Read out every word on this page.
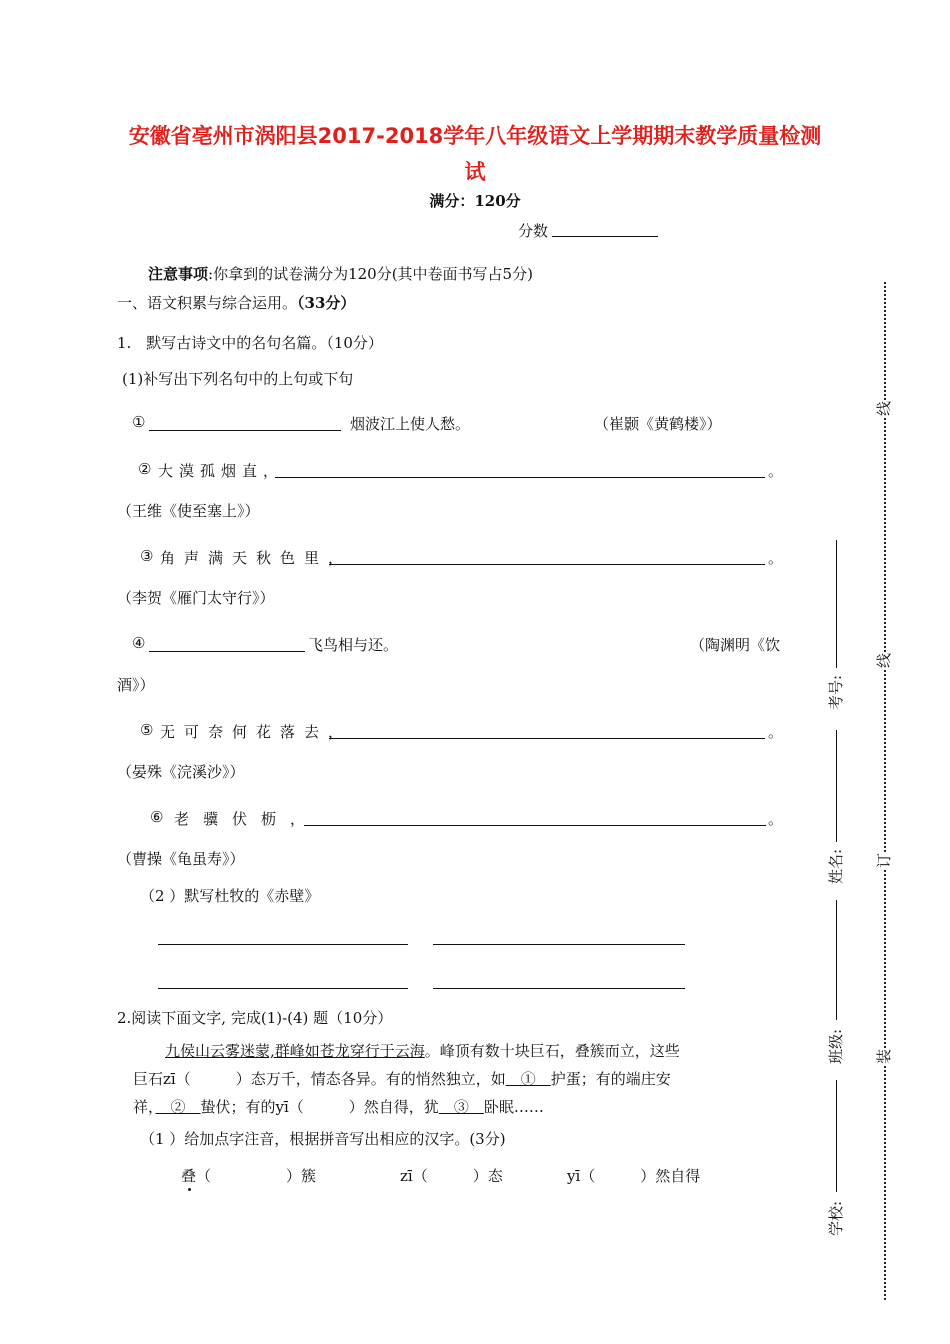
安徽省亳州市涡阳县2017-2018学年八年级语文上学期期末教学质量检测
试
满分：120分
分数
注意事项:你拿到的试卷满分为120分(其中卷面书写占5分)
一、语文积累与综合运用。（33分）
1.　默写古诗文中的名句名篇。（10分）
(1)补写出下列名句中的上句或下句
①	烟波江上使人愁。	（崔颢《黄鹤楼》）
② 大漠孤烟直，	。
（王维《使至塞上》）
③ 角声满天秋色里，	。
（李贺《雁门太守行》）
④	飞鸟相与还。	（陶渊明《饮
酒》）
⑤ 无可奈何花落去，	。
（晏殊《浣溪沙》）
⑥ 老骥伏枥，	。
（曹操《龟虽寿》）
（2 ）默写杜牧的《赤壁》
2.阅读下面文字, 完成(1)-(4) 题（10分）
九侯山云雾迷蒙,群峰如苍龙穿行于云海。峰顶有数十块巨石，叠簇而立，这些
巨石zī（　　　）态万千，情态各异。有的悄然独立，如　①　护蛋；有的端庄安
祥，　②　蛰伏；有的yī（　　　）然自得，犹　③　卧眠……
（1 ）给加点字注音，根据拼音写出相应的汉字。(3分)
叠（　　　　　）簇	zī（　　　）态	yī（　　　）然自得
线
线
订
装
考号:
姓名:
班级:
学校:
